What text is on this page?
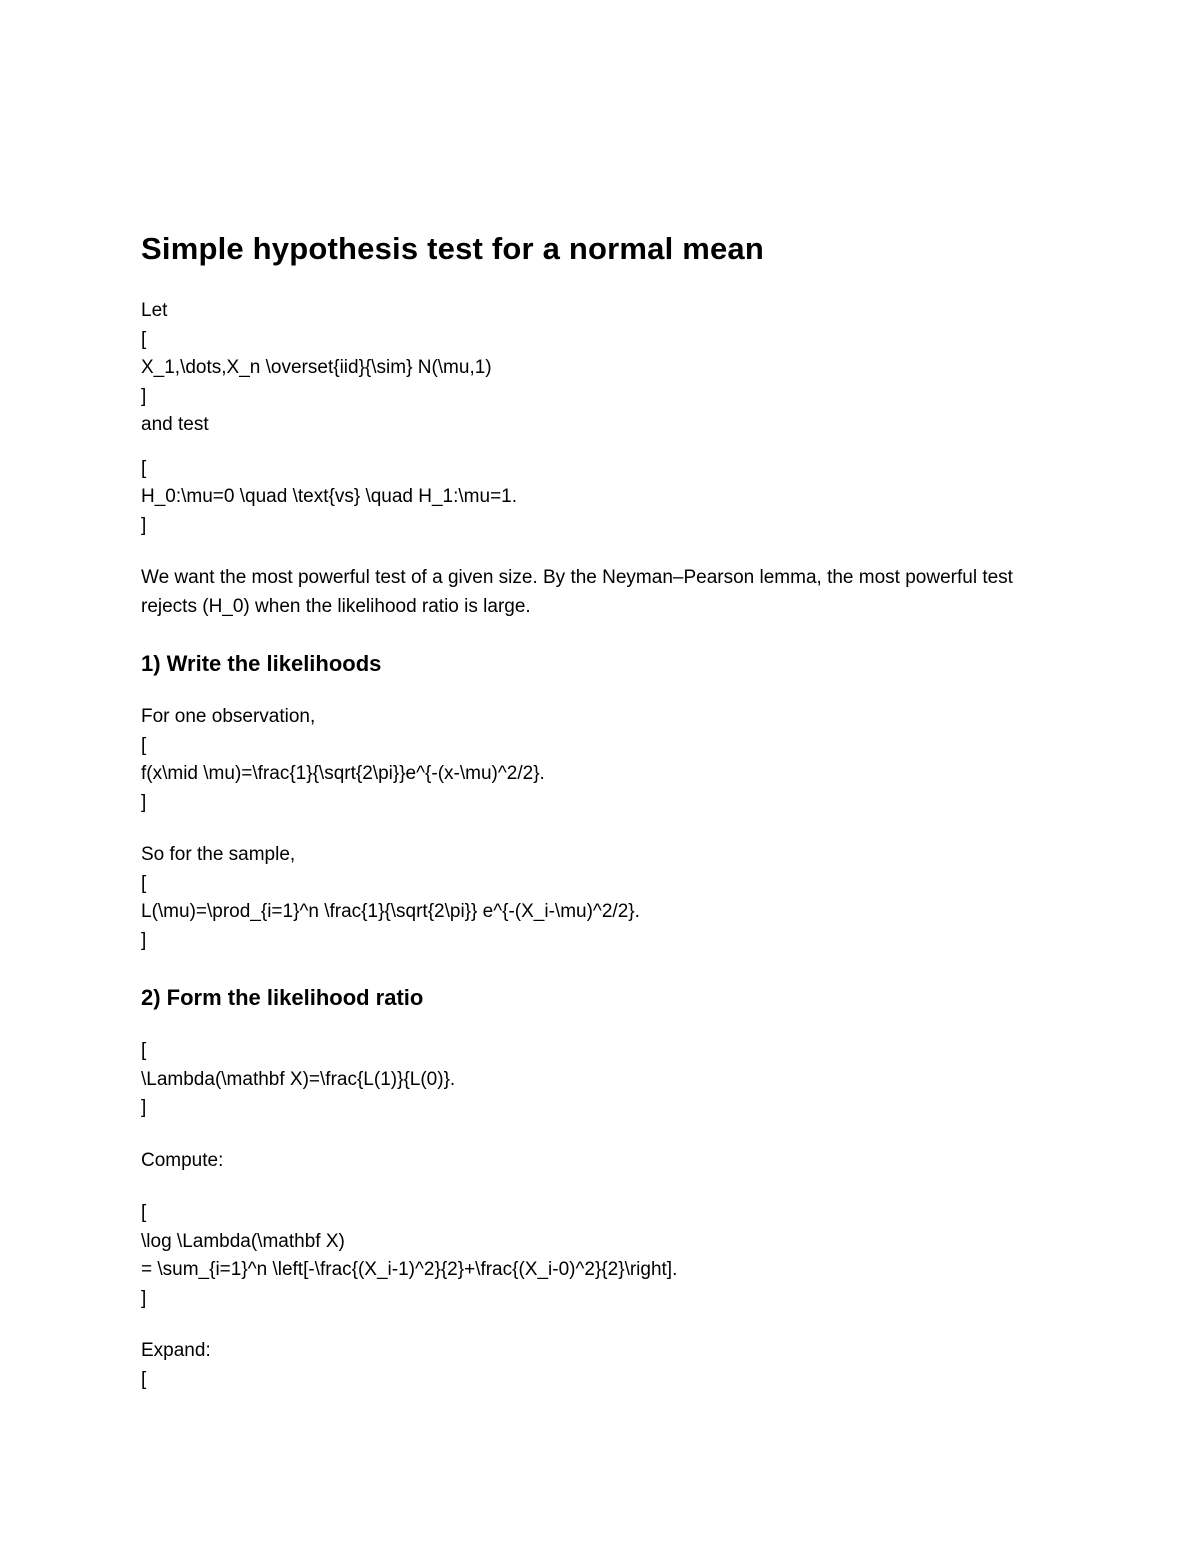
Simple hypothesis test for a normal mean

Let

[

X_1,\dots,X_n \overset{iid}{\sim} N(\mu,1)

]

and test

[

H_0:\mu=0 \quad \text{vs} \quad H_1:\mu=1.

]

We want the most powerful test of a given size. By the Neyman–Pearson lemma, the most powerful test rejects (H_0) when the likelihood ratio is large.

1) Write the likelihoods

For one observation,

[

f(x\mid \mu)=\frac{1}{\sqrt{2\pi}}e^{-(x-\mu)^2/2}.

]

So for the sample,

[

L(\mu)=\prod_{i=1}^n \frac{1}{\sqrt{2\pi}} e^{-(X_i-\mu)^2/2}.

]

2) Form the likelihood ratio

[

\Lambda(\mathbf X)=\frac{L(1)}{L(0)}.

]

Compute:

[

\log \Lambda(\mathbf X)

= \sum_{i=1}^n \left[-\frac{(X_i-1)^2}{2}+\frac{(X_i-0)^2}{2}\right].

]

Expand:

[
